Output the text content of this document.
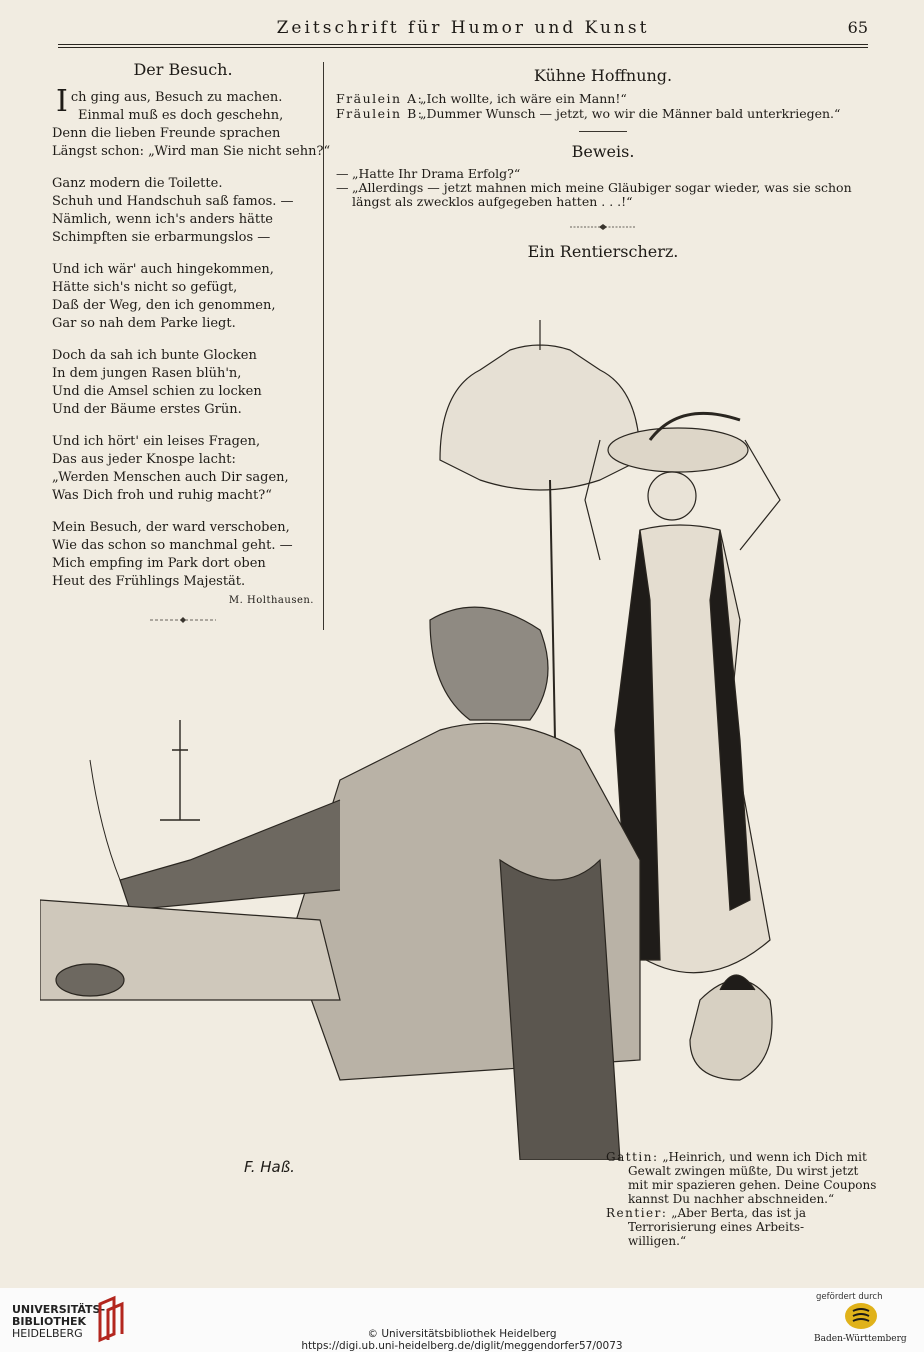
Zeitschrift für Humor und Kunst	65
Der Besuch.
I ch ging aus, Besuch zu machen.
Einmal muß es doch geschehn,
Denn die lieben Freunde sprachen
Längst schon: „Wird man Sie nicht sehn?“
Ganz modern die Toilette.
Schuh und Handschuh saß famos. —
Nämlich, wenn ich's anders hätte
Schimpften sie erbarmungslos —
Und ich wär' auch hingekommen,
Hätte sich's nicht so gefügt,
Daß der Weg, den ich genommen,
Gar so nah dem Parke liegt.
Doch da sah ich bunte Glocken
In dem jungen Rasen blüh'n,
Und die Amsel schien zu locken
Und der Bäume erstes Grün.
Und ich hört' ein leises Fragen,
Das aus jeder Knospe lacht:
„Werden Menschen auch Dir sagen,
Was Dich froh und ruhig macht?“
Mein Besuch, der ward verschoben,
Wie das schon so manchmal geht. —
Mich empfing im Park dort oben
Heut des Frühlings Majestät.
M. Holthausen.
Kühne Hoffnung.
Fräulein A:„Ich wollte, ich wäre ein Mann!“
Fräulein B:„Dummer Wunsch — jetzt, wo wir die Männer bald unterkriegen.“
Beweis.
— „Hatte Ihr Drama Erfolg?“
— „Allerdings — jetzt mahnen mich meine Gläubiger sogar wieder, was sie schon
längst als zwecklos aufgegeben hatten . . .!“
Ein Rentierscherz.
F. Haß.
Gattin: „Heinrich, und wenn ich Dich mit
Gewalt zwingen müßte, Du wirst jetzt
mit mir spazieren gehen. Deine Coupons
kannst Du nachher abschneiden.“
Rentier: „Aber Berta, das ist ja
Terrorisierung eines Arbeits-
willigen.“
UNIVERSITÄTS-
BIBLIOTHEK
HEIDELBERG	© Universitätsbibliothek Heidelberg
https://digi.ub.uni-heidelberg.de/diglit/meggendorfer57/0073
gefördert durch
Baden-Württemberg
